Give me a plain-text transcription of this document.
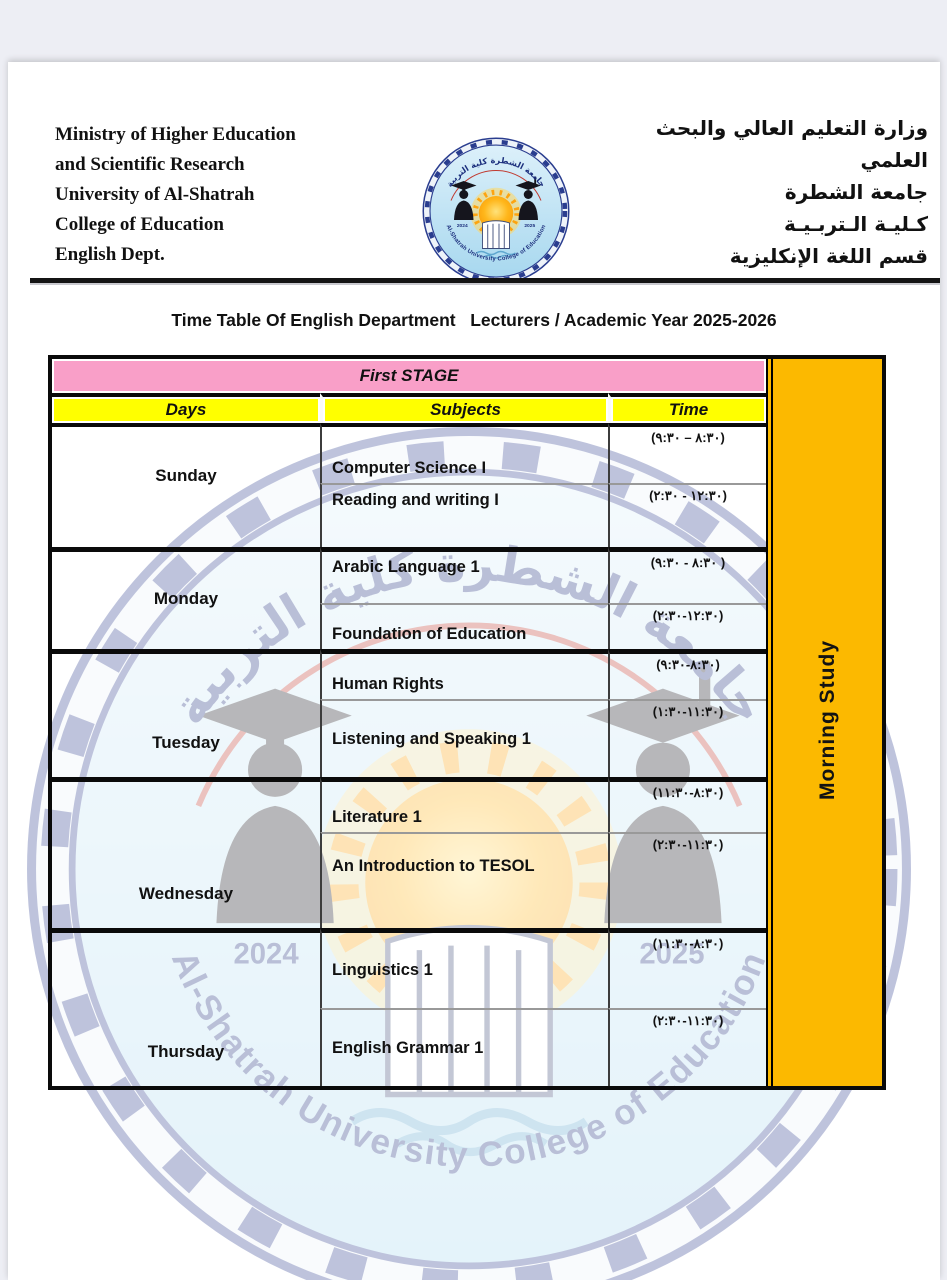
Ministry of Higher Education
and Scientific Research
University of Al-Shatrah
College of Education
English Dept.
وزارة التعليم العالي والبحث العلمي
جامعة الشطرة
كـليـة الـتربـيـة
قسم اللغة الإنكليزية
Time Table Of English Department   Lecturers / Academic Year 2025-2026
First STAGE			Morning Study
Days	Subjects	Time	
Sunday	Computer Science I	(٨:٣٠ – ٩:٣٠)	
	Reading and writing I	(١٢:٣٠ - ٢:٣٠)	
Monday	Arabic Language 1	(٨:٣٠ - ٩:٣٠ )	
	Foundation of Education	(١٢:٣٠-٢:٣٠)	
Tuesday	Human Rights	(٨:٣٠-٩:٣٠)	
	Listening and Speaking 1	(١١:٣٠-١:٣٠)	
Wednesday	Literature 1	(٨:٣٠-١١:٣٠)	
	An Introduction to TESOL	(١١:٣٠-٢:٣٠)	
Thursday	Linguistics 1	(٨:٣٠-١١:٣٠)	
	English Grammar 1	(١١:٣٠-٢:٣٠)	
